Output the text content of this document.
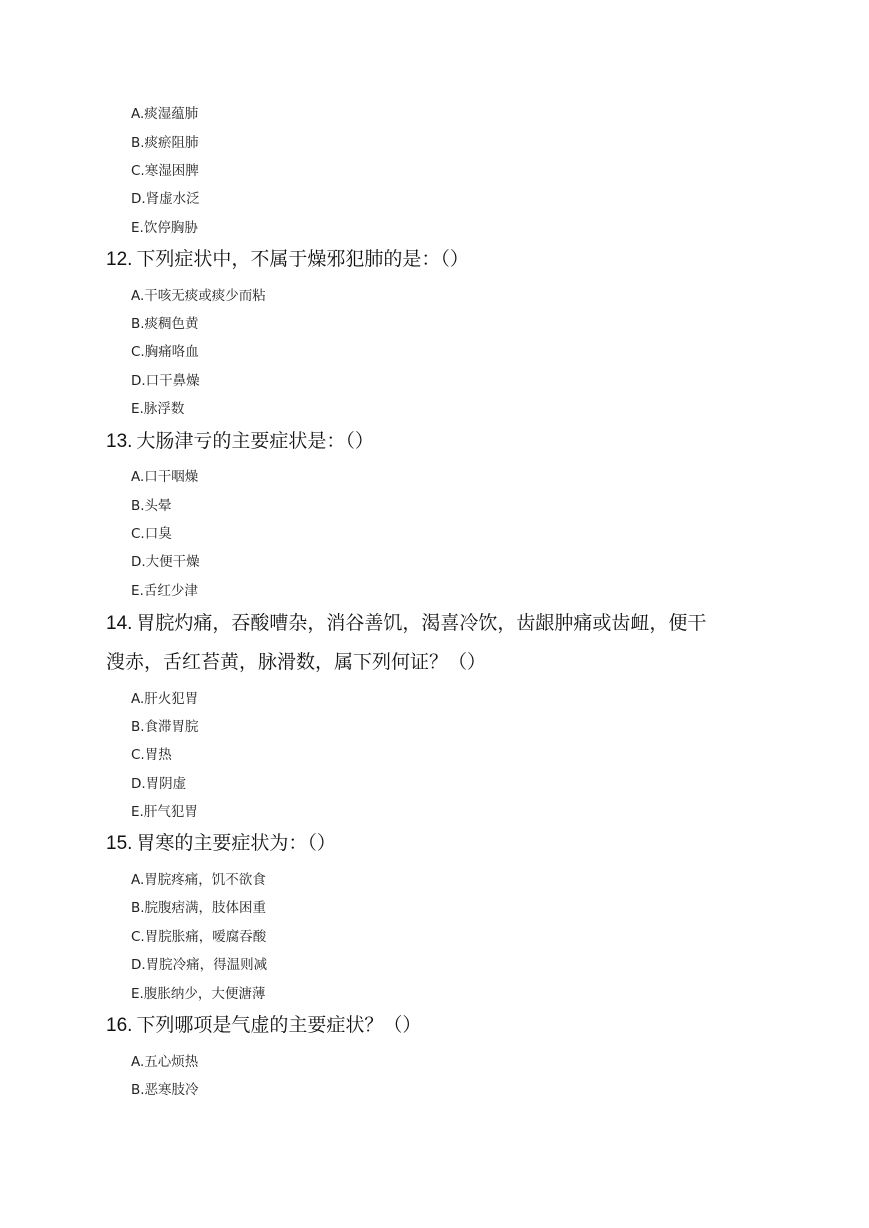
A.痰湿蕴肺
B.痰瘀阻肺
C.寒湿困脾
D.肾虚水泛
E.饮停胸胁
12. 下列症状中，不属于燥邪犯肺的是：（）
A.干咳无痰或痰少而粘
B.痰稠色黄
C.胸痛咯血
D.口干鼻燥
E.脉浮数
13. 大肠津亏的主要症状是：（）
A.口干咽燥
B.头晕
C.口臭
D.大便干燥
E.舌红少津
14. 胃脘灼痛，吞酸嘈杂，消谷善饥，渴喜冷饮，齿龈肿痛或齿衄，便干
溲赤，舌红苔黄，脉滑数，属下列何证？（）
A.肝火犯胃
B.食滞胃脘
C.胃热
D.胃阴虚
E.肝气犯胃
15. 胃寒的主要症状为：（）
A.胃脘疼痛，饥不欲食
B.脘腹痞满，肢体困重
C.胃脘胀痛，嗳腐吞酸
D.胃脘冷痛，得温则减
E.腹胀纳少，大便溏薄
16. 下列哪项是气虚的主要症状？（）
A.五心烦热
B.恶寒肢冷
